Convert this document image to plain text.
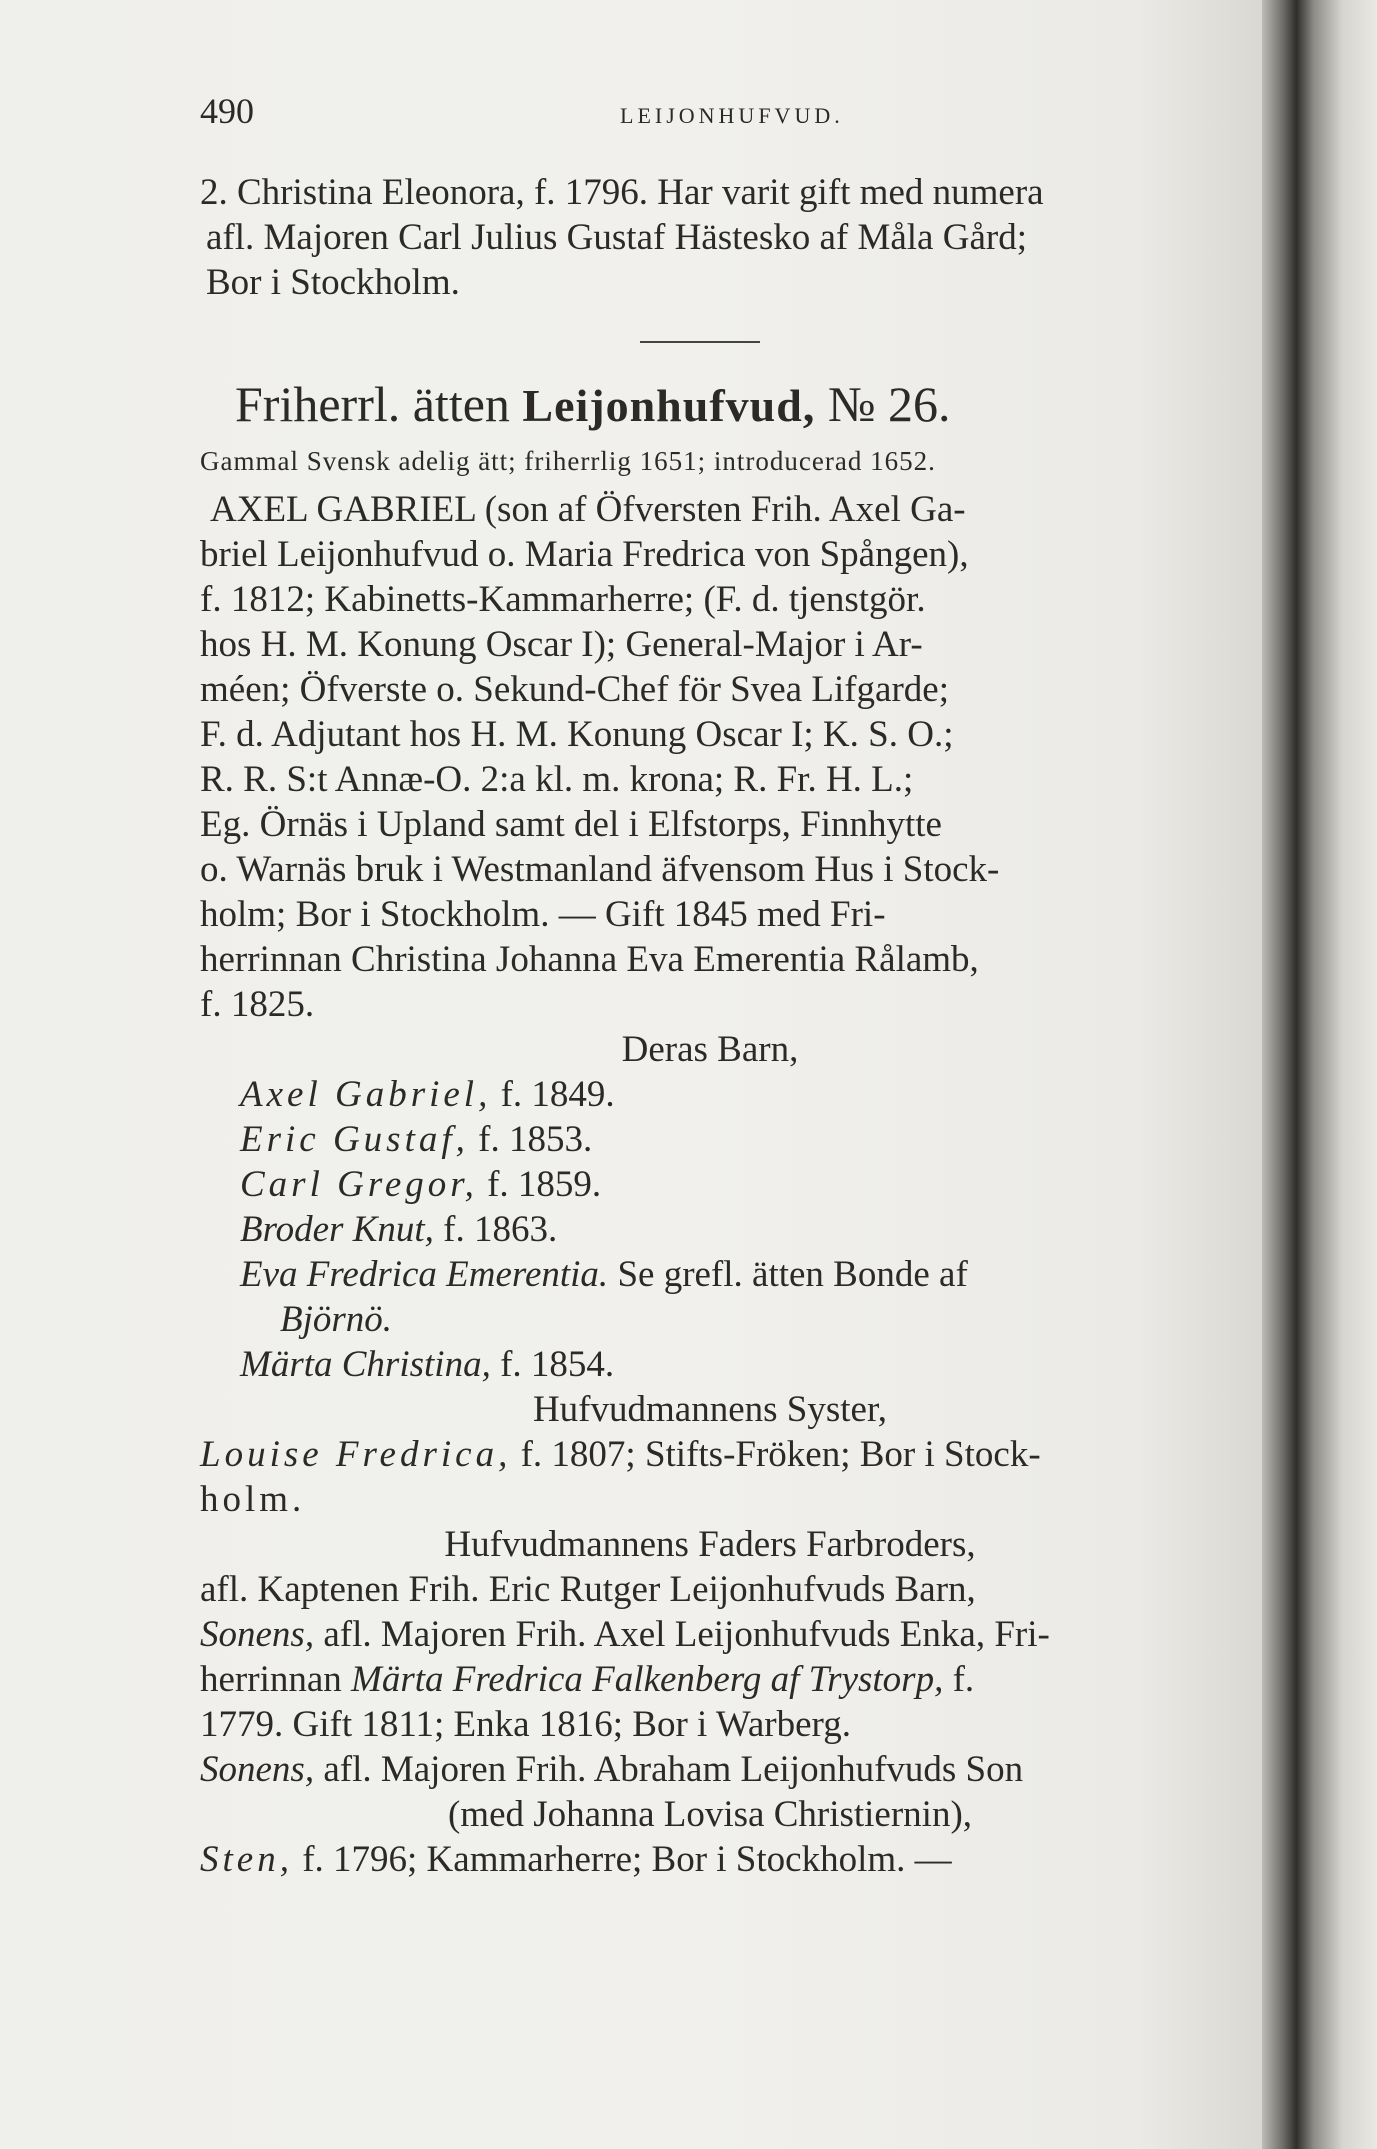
490	LEIJONHUFVUD.
2. Christina Eleonora, f. 1796. Har varit gift med numera
afl. Majoren Carl Julius Gustaf Hästesko af Måla Gård;
Bor i Stockholm.
Friherrl. ätten Leijonhufvud, № 26.
Gammal Svensk adelig ätt; friherrlig 1651; introducerad 1652.
AXEL GABRIEL (son af Öfversten Frih. Axel Ga-
briel Leijonhufvud o. Maria Fredrica von Spången),
f. 1812; Kabinetts-Kammarherre; (F. d. tjenstgör.
hos H. M. Konung Oscar I); General-Major i Ar-
méen; Öfverste o. Sekund-Chef för Svea Lifgarde;
F. d. Adjutant hos H. M. Konung Oscar I; K. S. O.;
R. R. S:t Annæ-O. 2:a kl. m. krona; R. Fr. H. L.;
Eg. Örnäs i Upland samt del i Elfstorps, Finnhytte
o. Warnäs bruk i Westmanland äfvensom Hus i Stock-
holm; Bor i Stockholm. — Gift 1845 med Fri-
herrinnan Christina Johanna Eva Emerentia Rålamb,
f. 1825.
Deras Barn,
Axel Gabriel, f. 1849.
Eric Gustaf, f. 1853.
Carl Gregor, f. 1859.
Broder Knut, f. 1863.
Eva Fredrica Emerentia. Se grefl. ätten Bonde af
Björnö.
Märta Christina, f. 1854.
Hufvudmannens Syster,
Louise Fredrica, f. 1807; Stifts-Fröken; Bor i Stock-
holm.
Hufvudmannens Faders Farbroders,
afl. Kaptenen Frih. Eric Rutger Leijonhufvuds Barn,
Sonens, afl. Majoren Frih. Axel Leijonhufvuds Enka, Fri-
herrinnan Märta Fredrica Falkenberg af Trystorp, f.
1779. Gift 1811; Enka 1816; Bor i Warberg.
Sonens, afl. Majoren Frih. Abraham Leijonhufvuds Son
(med Johanna Lovisa Christiernin),
Sten, f. 1796; Kammarherre; Bor i Stockholm. —
